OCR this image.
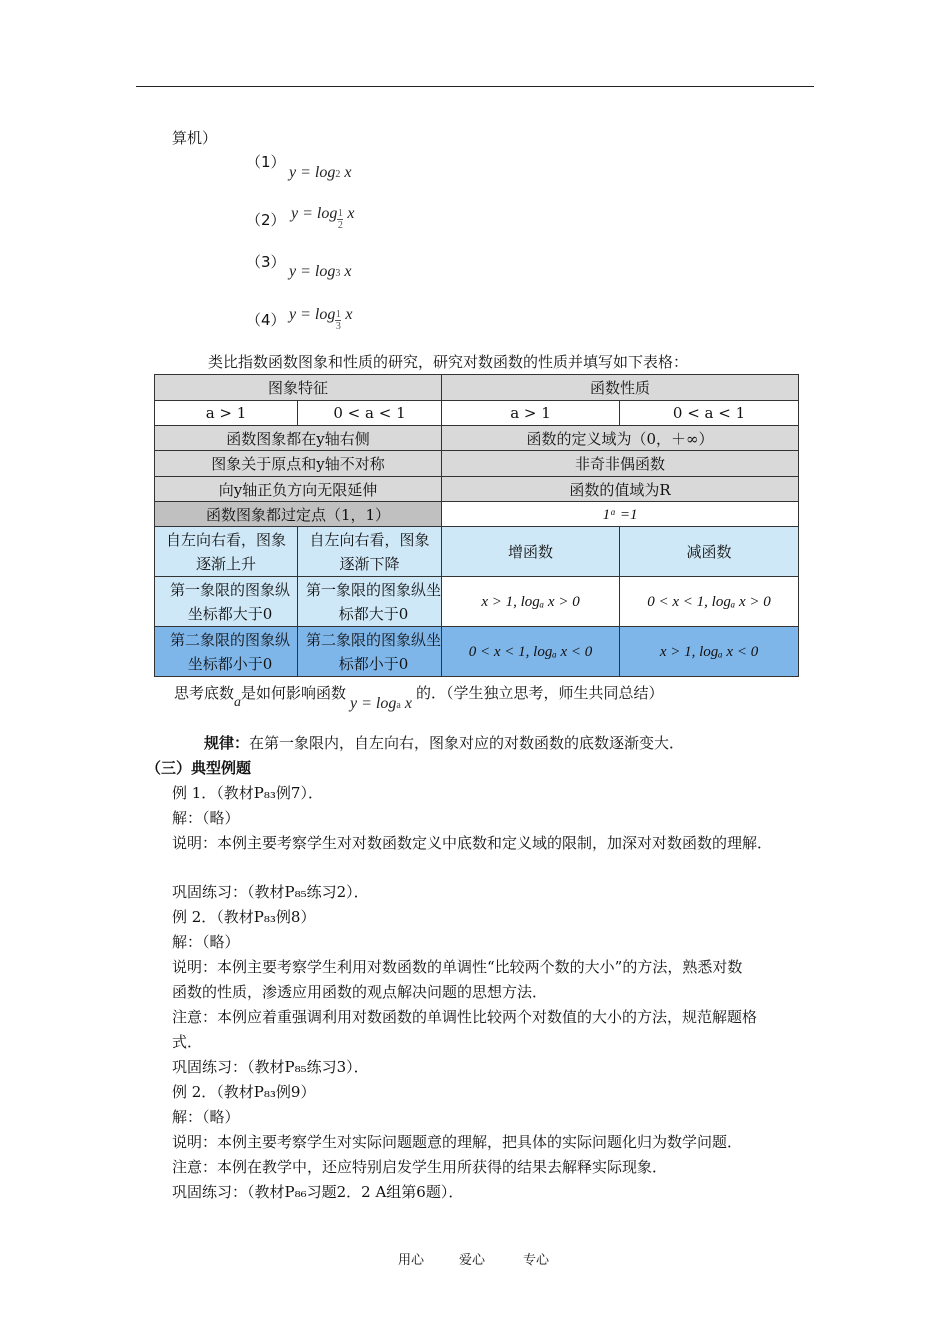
算机）
（1）
y = log2 x
（2） $y = \log\frac{1}{2} x$
（3）
y = log3 x
（4） $y = \log\frac{1}{3} x$
类比指数函数图象和性质的研究，研究对数函数的性质并填写如下表格：
图象特征		函数性质	
a > 1	0 < a < 1	a > 1	0 < a < 1
函数图象都在y轴右侧		函数的定义域为（0，＋∞）	
图象关于原点和y轴不对称		非奇非偶函数	
向y轴正负方向无限延伸		函数的值域为R	
函数图象都过定点（1，1）		1ᵅ =1	
自左向右看，图象逐渐上升	自左向右看，图象逐渐下降	增函数	减函数
第一象限的图象纵坐标都大于0	第一象限的图象纵坐标都大于0	x > 1, logₐ x > 0	0 < x < 1, logₐ x > 0
第二象限的图象纵坐标都小于0	第二象限的图象纵坐标都小于0	0 < x < 1, logₐ x < 0	x > 1, logₐ x < 0
思考底数a是如何影响函数y = loga x的．（学生独立思考，师生共同总结）
规律：在第一象限内，自左向右，图象对应的对数函数的底数逐渐变大．
（三）典型例题
例 1．（教材P₈₃例7）．
解：（略）
说明：本例主要考察学生对对数函数定义中底数和定义域的限制，加深对对数函数的理解．
巩固练习：（教材P₈₅练习2）．
例 2．（教材P₈₃例8）
解：（略）
说明：本例主要考察学生利用对数函数的单调性“比较两个数的大小”的方法，熟悉对数
函数的性质，渗透应用函数的观点解决问题的思想方法．
注意：本例应着重强调利用对数函数的单调性比较两个对数值的大小的方法，规范解题格
式．
巩固练习：（教材P₈₅练习3）．
例 2．（教材P₈₃例9）
解：（略）
说明：本例主要考察学生对实际问题题意的理解，把具体的实际问题化归为数学问题．
注意：本例在教学中，还应特别启发学生用所获得的结果去解释实际现象．
巩固练习：（教材P₈₆习题2．2 A组第6题）．
用心	爱心	专心
